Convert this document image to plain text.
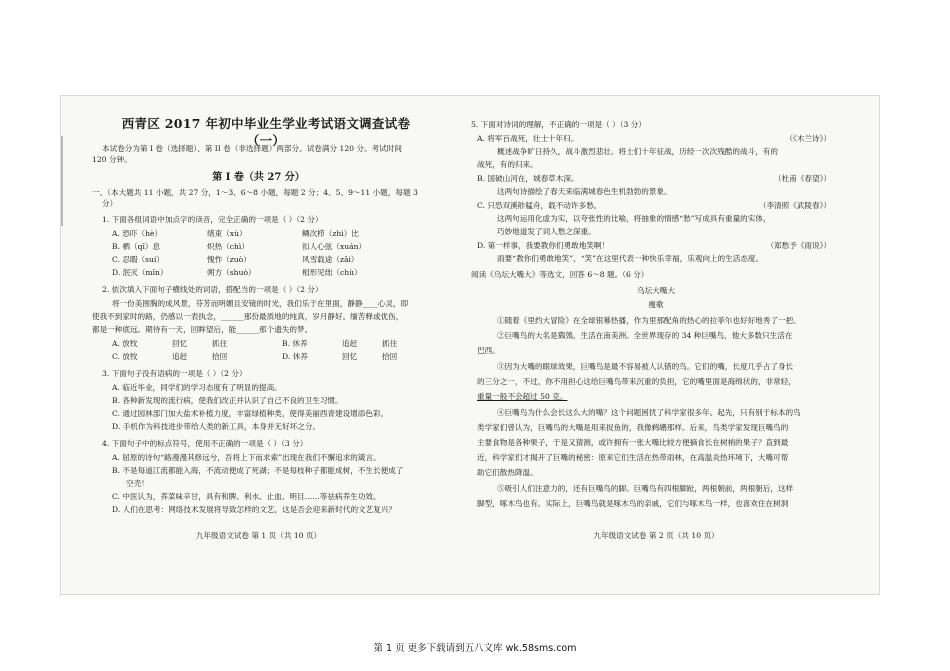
西青区 2017 年初中毕业生学业考试语文调查试卷（一）

本试卷分为第 I 卷（选择题）、第 II 卷（非选择题）两部分。试卷满分 120 分。考试时间

120 分钟。

第 I 卷（共 27 分）

一、（本大题共 11 小题，共 27 分，1～3、6～8 小题，每题 2 分；4、5、9～11 小题，每题 3

分）

1. 下面各组词语中加点字的读音，完全正确的一项是（ ）（2 分）

A. 恐吓（hè）	绪束（xù）	鳞次栉（zhì）比
B. 栖（qī）息	炽热（chì）	扣人心弦（xuán）
C. 忍暇（suí）	愧怍（zuò）	风雪载途（zǎi）
D. 泯灭（mǐn）	朔方（shuò）	相形见绌（chù）

2. 依次填入下面句子横线处的词语，搭配当的一项是（ ）（2 分）

将一份美围胸的成风景，芬芳而明媚且安镜的时光，我们乐于在里面，静静____心灵，即

使我不到家时的路，仍感以一表执念，______那份最质地的纯真，岁月静好。缅苦释或优伤，

都是一种底远。期待有一天，回眸望后，能______那个遗失的梦。

A. 放牧	回忆	抓住	B. 休养	追赶	抓住
C. 放牧	追赶	拾回	D. 休养	回忆	拾回

3. 下面句子没有语病的一项是（ ）（2 分）

A. 临近毕业，同学们的学习态度有了明显的提高。

B. 各种新发现的流行病，使我们改正并认识了自己不良的卫生习惯。

C. 通过园林部门加大盐术补植力度，丰富绿植种类，使得美丽西青建设增添色彩。

D. 手机作为科技进步带给人类的新工具，本身并无好坏之分。

4. 下面句子中的标点符号，使用不正确的一项是（ ）（3 分）

A. 屈原的诗句“路漫漫其修远兮，吾将上下而求索”出现在我们不懈追求的箴言。

B. 不是每道江流都能入海，不流动便成了死湖；不是每枝种子都能成树，不生长便成了

空壳！

C. 中医认为，荞菜味辛甘，具有和脾、利水、止血、明目……等祛病养生功效。

D. 人们在思考：网络技术发展将导致怎样的文艺，这是否会迎来新时代的文艺复兴？

九年级语文试卷 第 1 页（共 10 页）

5. 下面对诗词的理解，不正确的一项是（ ）（3 分）

A. 将军百战死，壮士十年归。	（《木兰诗》）

概述战争旷日持久，战斗激烈悲壮。将士们十年征战，历经一次次残酷的战斗，有的

战死，有的归来。

B. 国破山河在，城春草木深。	（杜甫《春望》）

这两句诗描绘了春天来临满城春色生机勃勃的景象。

C. 只恐双溪舴艋舟，载不动许多愁。	（李清照《武陵春》）

这两句运用化虚为实，以夸张性的比喻，将抽象的情感“愁”写成具有重量的实体，

巧妙地道发了词人愁之深重。

D. 第一样事，我要教你们勇敢地笑啊！	（郑愁予《雨说》）

雨要“教你们勇敢地笑”，“笑”在这里代表一种快乐幸福，乐观向上的生活态度。

阅读《乌坛大嘴大》等选文，回答 6～8 题。（6 分）

乌坛大嘴大

瘦歌

①随着《里约大冒险》在全球银幕热播，作为里那配角的热心的拉菲尔也好好地秀了一把。

②巨嘴鸟的大名是鵎鵼，生活在南美洲。全世界现存的 34 种巨嘴鸟，他大多数只生活在

巴西。

③因为大嘴的眼球效果，巨嘴鸟是最不容易被人认错的鸟。它们的嘴，长度几乎占了身长

的三分之一，不过，你不用担心这给巨嘴鸟带来沉重的负担，它的嘴里面是海绵状的，非常轻，

重量一般不会超过 50 克。

④巨嘴鸟为什么会长这么大的嘴？这个问题困扰了科学家很多年。起先，只有别于标本的鸟

类学家们曾认为，巨嘴鸟的大嘴是用来捉鱼的，我像鹈鹕那样。后来，鸟类学家发现巨嘴鸟的

主要食物是各种果子，于是又猜测，或许拥有一张大嘴比较方便摘食长在树梢的果子？直到最

近，科学家们才揭开了巨嘴的秘密：原来它们生活在热带雨林，在高温炎热环境下，大嘴可帮

助它们散热降温。

⑤吸引人们注意力的，还有巨嘴鸟的脚。巨嘴鸟有四根脚趾，两根朝前，两根朝后，这样

脚型，啄木鸟也有。实际上，巨嘴鸟就是啄木鸟的亲戚，它们与啄木鸟一样，也喜欢住在树洞

九年级语文试卷 第 2 页（共 10 页）
第 1 页 更多下载请到五八文库 wk.58sms.com
